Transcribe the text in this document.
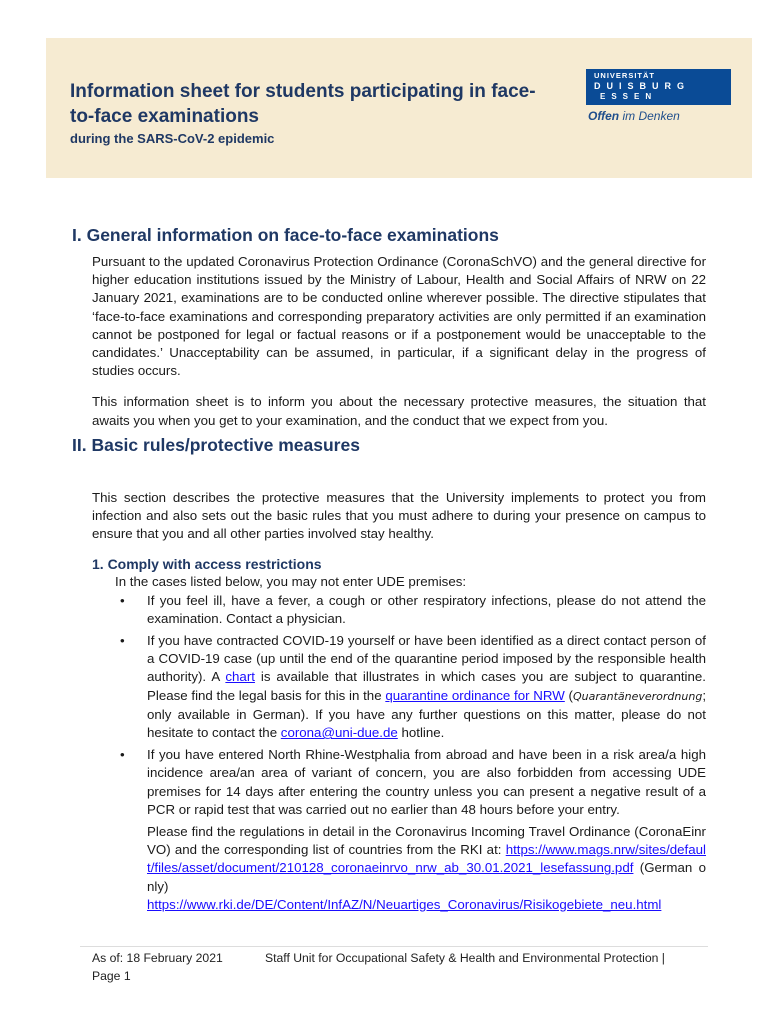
Information sheet for students participating in face-to-face examinations
during the SARS-CoV-2 epidemic
UNIVERSITÄT
DUISBURG
ESSEN
Offen im Denken
I. General information on face-to-face examinations

Pursuant to the updated Coronavirus Protection Ordinance (CoronaSchVO) and the general directive for higher education institutions issued by the Ministry of Labour, Health and Social Affairs of NRW on 22 January 2021, examinations are to be conducted online wherever possible. The directive stipulates that ‘face-to-face examinations and corresponding preparatory activities are only permitted if an examination cannot be postponed for legal or factual reasons or if a postponement would be unacceptable to the candidates.’ Unacceptability can be assumed, in particular, if a significant delay in the progress of studies occurs.

This information sheet is to inform you about the necessary protective measures, the situation that awaits you when you get to your examination, and the conduct that we expect from you.

II. Basic rules/protective measures

This section describes the protective measures that the University implements to protect you from infection and also sets out the basic rules that you must adhere to during your presence on campus to ensure that you and all other parties involved stay healthy.

1. Comply with access restrictions

In the cases listed below, you may not enter UDE premises:

• If you feel ill, have a fever, a cough or other respiratory infections, please do not attend the examination. Contact a physician.
• If you have contracted COVID-19 yourself or have been identified as a direct contact person of a COVID-19 case (up until the end of the quarantine period imposed by the responsible health authority). A chart is available that illustrates in which cases you are subject to quarantine. Please find the legal basis for this in the quarantine ordinance for NRW (Quarantäneverordnung; only available in German). If you have any further questions on this matter, please do not hesitate to contact the corona@uni-due.de hotline.
• If you have entered North Rhine-Westphalia from abroad and have been in a risk area/a high incidence area/an area of variant of concern, you are also forbidden from accessing UDE premises for 14 days after entering the country unless you can present a negative result of a PCR or rapid test that was carried out no earlier than 48 hours before your entry.
Please find the regulations in detail in the Coronavirus Incoming Travel Ordinance (CoronaEinrVO) and the corresponding list of countries from the RKI at: https://www.mags.nrw/sites/default/files/asset/document/210128_coronaeinrvo_nrw_ab_30.01.2021_lesefassung.pdf (German only)
https://www.rki.de/DE/Content/InfAZ/N/Neuartiges_Coronavirus/Risikogebiete_neu.html
As of: 18 February 2021	Staff Unit for Occupational Safety & Health and Environmental Protection |
Page 1
